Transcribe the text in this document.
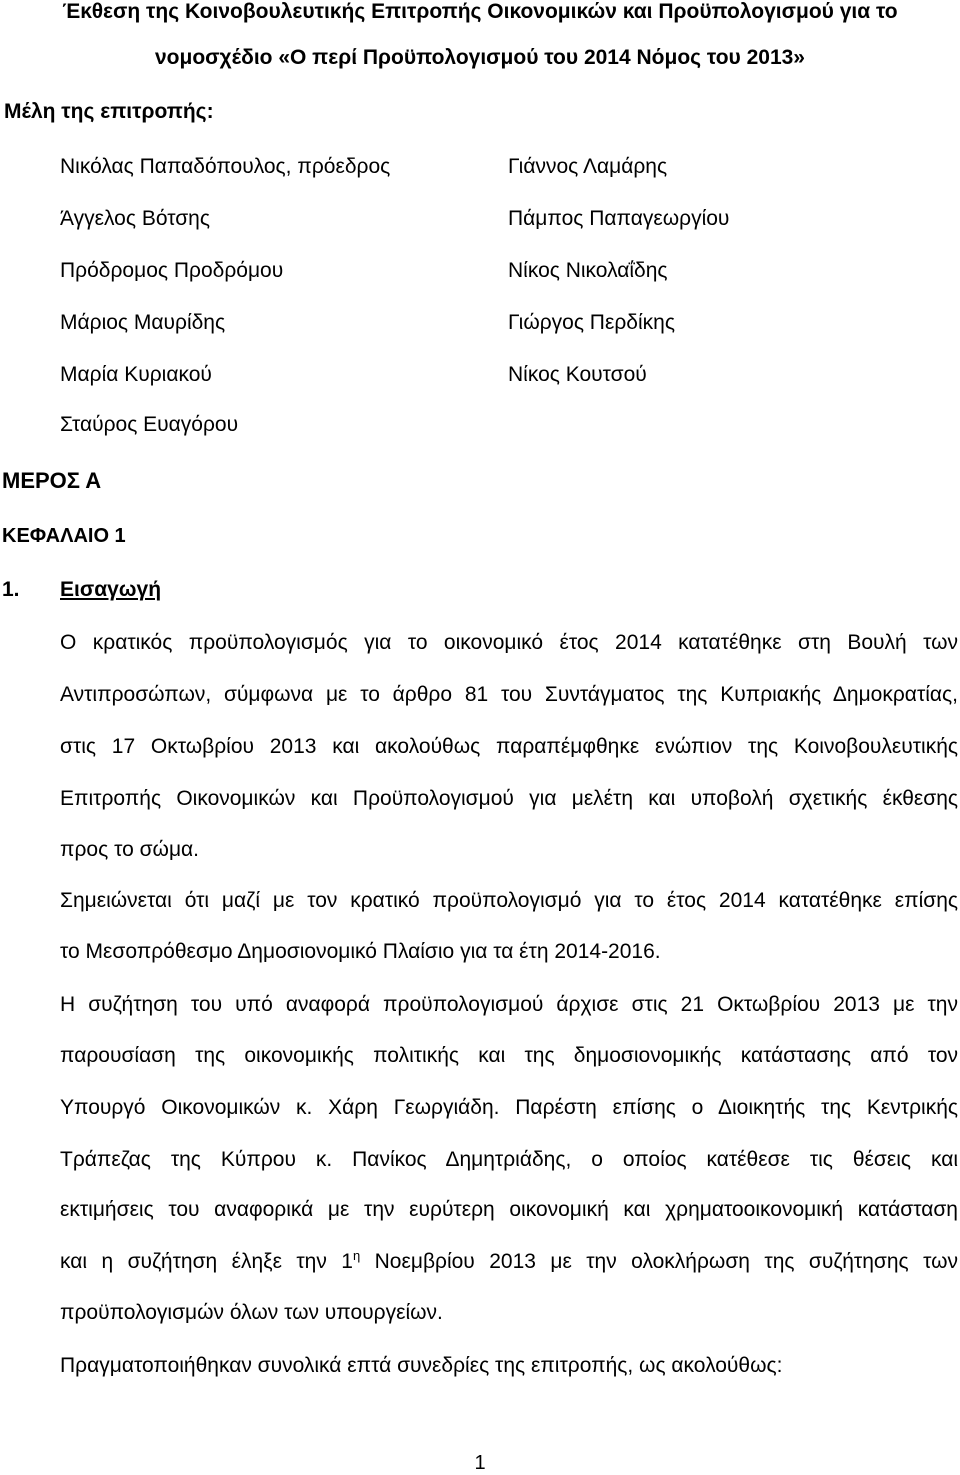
Έκθεση της Κοινοβουλευτικής Επιτροπής Οικονομικών και Προϋπολογισμού για το
νομοσχέδιο «Ο περί Προϋπολογισμού του 2014 Νόμος του 2013»
Μέλη της επιτροπής:
Νικόλας Παπαδόπουλος, πρόεδρος
Άγγελος Βότσης
Πρόδρομος Προδρόμου
Μάριος Μαυρίδης
Μαρία Κυριακού
Σταύρος Ευαγόρου
Γιάννος Λαμάρης
Πάμπος Παπαγεωργίου
Νίκος Νικολαΐδης
Γιώργος Περδίκης
Νίκος Κουτσού
ΜΕΡΟΣ Α
ΚΕΦΑΛΑΙΟ 1
1. Εισαγωγή
Ο κρατικός προϋπολογισμός για το οικονομικό έτος 2014 κατατέθηκε στη Βουλή των
Αντιπροσώπων, σύμφωνα με το άρθρο 81 του Συντάγματος της Κυπριακής Δημοκρατίας,
στις 17 Οκτωβρίου 2013 και ακολούθως παραπέμφθηκε ενώπιον της Κοινοβουλευτικής
Επιτροπής Οικονομικών και Προϋπολογισμού για μελέτη και υποβολή σχετικής έκθεσης
προς το σώμα.
Σημειώνεται ότι μαζί με τον κρατικό προϋπολογισμό για το έτος 2014 κατατέθηκε επίσης
το Μεσοπρόθεσμο Δημοσιονομικό Πλαίσιο για τα έτη 2014-2016.
Η συζήτηση του υπό αναφορά προϋπολογισμού άρχισε στις 21 Οκτωβρίου 2013 με την
παρουσίαση της οικονομικής πολιτικής και της δημοσιονομικής κατάστασης από τον
Υπουργό Οικονομικών κ. Χάρη Γεωργιάδη. Παρέστη επίσης ο Διοικητής της Κεντρικής
Τράπεζας της Κύπρου κ. Πανίκος Δημητριάδης, ο οποίος κατέθεσε τις θέσεις και
εκτιμήσεις του αναφορικά με την ευρύτερη οικονομική και χρηματοοικονομική κατάσταση
και η συζήτηση έληξε την $1^\eta$ Νοεμβρίου 2013 με την ολοκλήρωση της συζήτησης των
προϋπολογισμών όλων των υπουργείων.
Πραγματοποιήθηκαν συνολικά επτά συνεδρίες της επιτροπής, ως ακολούθως:
1
